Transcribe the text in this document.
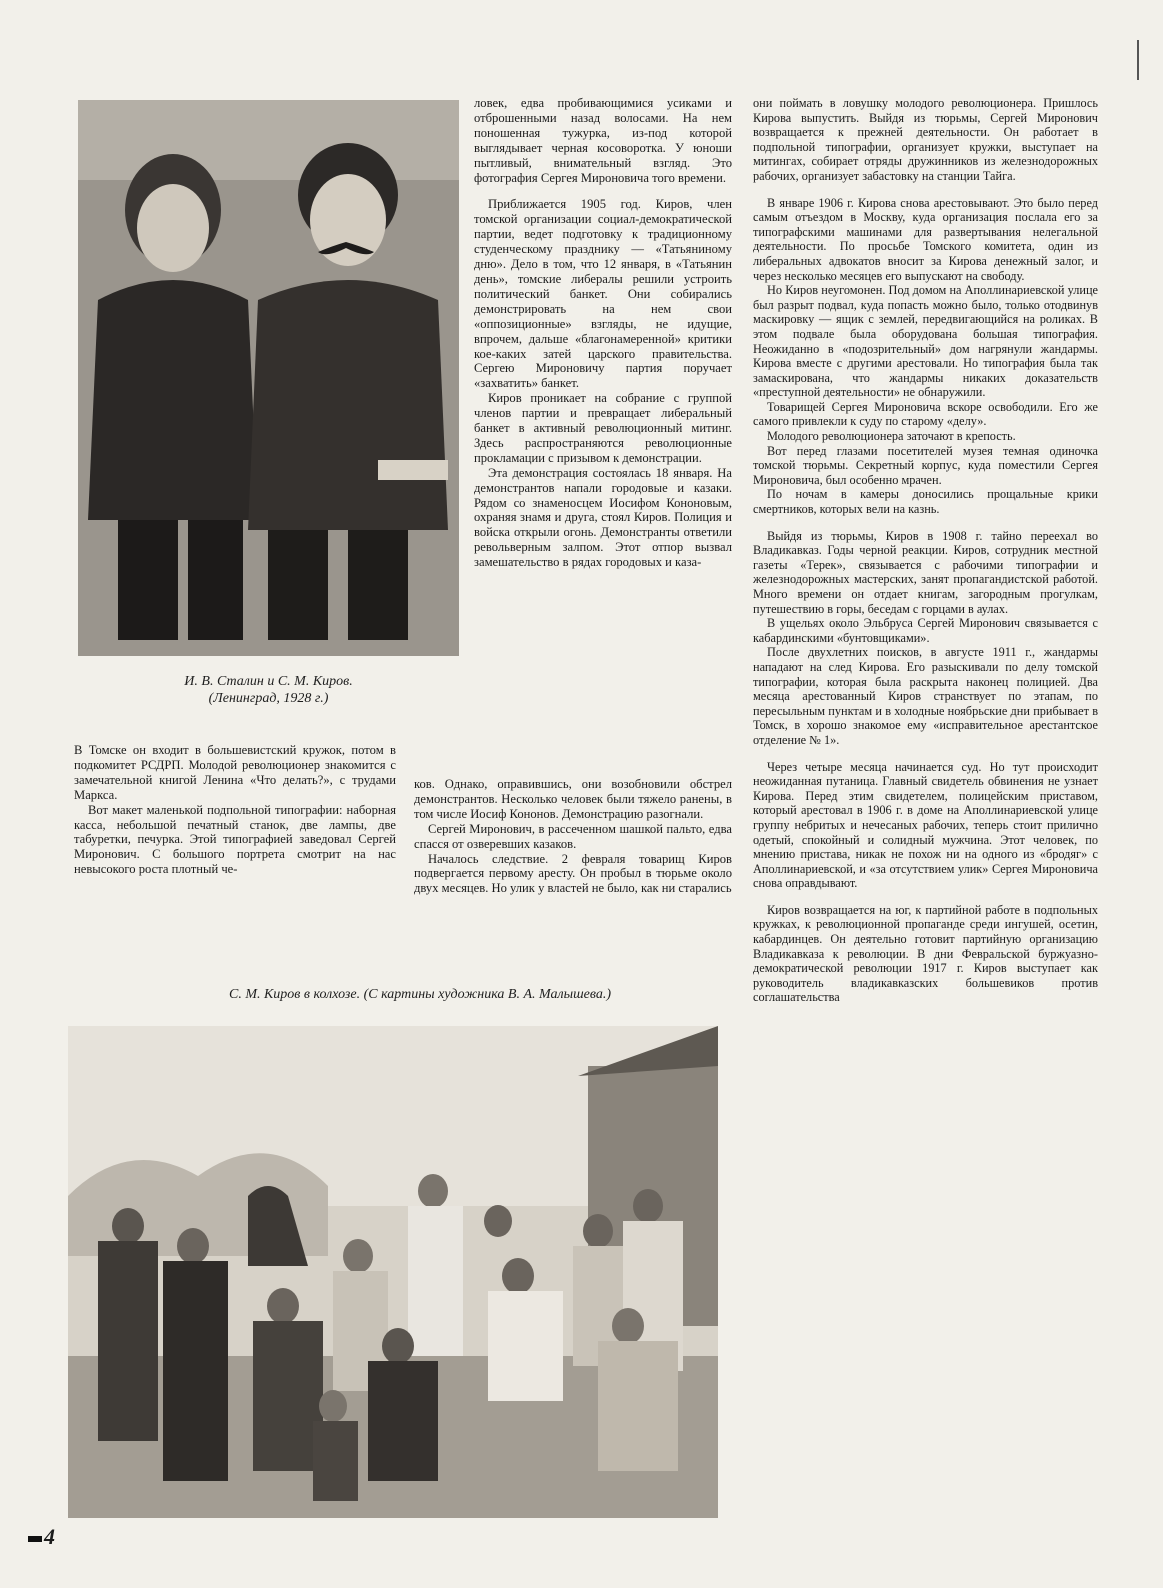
И. В. Сталин и С. М. Киров.
(Ленинград, 1928 г.)

В Томске он входит в большевистский кружок, потом в подкомитет РСДРП. Молодой революционер знакомится с замечательной книгой Ленина «Что делать?», с трудами Маркса.

Вот макет маленькой подпольной типографии: наборная касса, небольшой печатный станок, две лампы, две табуретки, печурка. Этой типографией заведовал Сергей Миронович. С большого портрета смотрит на нас невысокого роста плотный че-

ловек, едва пробивающимися усиками и отброшенными назад волосами. На нем поношенная тужурка, из-под которой выглядывает черная косоворотка. У юноши пытливый, внимательный взгляд. Это фотография Сергея Мироновича того времени.

Приближается 1905 год. Киров, член томской организации социал-демократической партии, ведет подготовку к традиционному студенческому празднику — «Татьяниному дню». Дело в том, что 12 января, в «Татьянин день», томские либералы решили устроить политический банкет. Они собирались демонстрировать на нем свои «оппозиционные» взгляды, не идущие, впрочем, дальше «благонамеренной» критики кое-каких затей царского правительства. Сергею Мироновичу партия поручает «захватить» банкет.

Киров проникает на собрание с группой членов партии и превращает либеральный банкет в активный революционный митинг. Здесь распространяются революционные прокламации с призывом к демонстрации.

Эта демонстрация состоялась 18 января. На демонстрантов напали городовые и казаки. Рядом со знаменосцем Иосифом Кононовым, охраняя знамя и друга, стоял Киров. Полиция и войска открыли огонь. Демонстранты ответили револьверным залпом. Этот отпор вызвал замешательство в рядах городовых и каза-

ков. Однако, оправившись, они возобновили обстрел демонстрантов. Несколько человек были тяжело ранены, в том числе Иосиф Кононов. Демонстрацию разогнали.

Сергей Миронович, в рассеченном шашкой пальто, едва спасся от озверевших казаков.

Началось следствие. 2 февраля товарищ Киров подвергается первому аресту. Он пробыл в тюрьме около двух месяцев. Но улик у властей не было, как ни старались

они поймать в ловушку молодого революционера. Пришлось Кирова выпустить. Выйдя из тюрьмы, Сергей Миронович возвращается к прежней деятельности. Он работает в подпольной типографии, организует кружки, выступает на митингах, собирает отряды дружинников из железнодорожных рабочих, организует забастовку на станции Тайга.

В январе 1906 г. Кирова снова арестовывают. Это было перед самым отъездом в Москву, куда организация послала его за типографскими машинами для развертывания нелегальной деятельности. По просьбе Томского комитета, один из либеральных адвокатов вносит за Кирова денежный залог, и через несколько месяцев его выпускают на свободу.

Но Киров неугомонен. Под домом на Аполлинариевской улице был разрыт подвал, куда попасть можно было, только отодвинув маскировку — ящик с землей, передвигающийся на роликах. В этом подвале была оборудована большая типография. Неожиданно в «подозрительный» дом нагрянули жандармы. Кирова вместе с другими арестовали. Но типография была так замаскирована, что жандармы никаких доказательств «преступной деятельности» не обнаружили.

Товарищей Сергея Мироновича вскоре освободили. Его же самого привлекли к суду по старому «делу».

Молодого революционера заточают в крепость.

Вот перед глазами посетителей музея темная одиночка томской тюрьмы. Секретный корпус, куда поместили Сергея Мироновича, был особенно мрачен.

По ночам в камеры доносились прощальные крики смертников, которых вели на казнь.

Выйдя из тюрьмы, Киров в 1908 г. тайно переехал во Владикавказ. Годы черной реакции. Киров, сотрудник местной газеты «Терек», связывается с рабочими типографии и железнодорожных мастерских, занят пропагандистской работой. Много времени он отдает книгам, загородным прогулкам, путешествию в горы, беседам с горцами в аулах.

В ущельях около Эльбруса Сергей Миронович связывается с кабардинскими «бунтовщиками».

После двухлетних поисков, в августе 1911 г., жандармы нападают на след Кирова. Его разыскивали по делу томской типографии, которая была раскрыта наконец полицией. Два месяца арестованный Киров странствует по этапам, по пересыльным пунктам и в холодные ноябрьские дни прибывает в Томск, в хорошо знакомое ему «исправительное арестантское отделение № 1».

Через четыре месяца начинается суд. Но тут происходит неожиданная путаница. Главный свидетель обвинения не узнает Кирова. Перед этим свидетелем, полицейским приставом, который арестовал в 1906 г. в доме на Аполлинариевской улице группу небритых и нечесаных рабочих, теперь стоит прилично одетый, спокойный и солидный мужчина. Этот человек, по мнению пристава, никак не похож ни на одного из «бродяг» с Аполлинариевской, и «за отсутствием улик» Сергея Мироновича снова оправдывают.

Киров возвращается на юг, к партийной работе в подпольных кружках, к революционной пропаганде среди ингушей, осетин, кабардинцев. Он деятельно готовит партийную организацию Владикавказа к революции. В дни Февральской буржуазно-демократической революции 1917 г. Киров выступает как руководитель владикавказских большевиков против соглашательства

С. М. Киров в колхозе. (С картины художника В. А. Малышева.)
4
